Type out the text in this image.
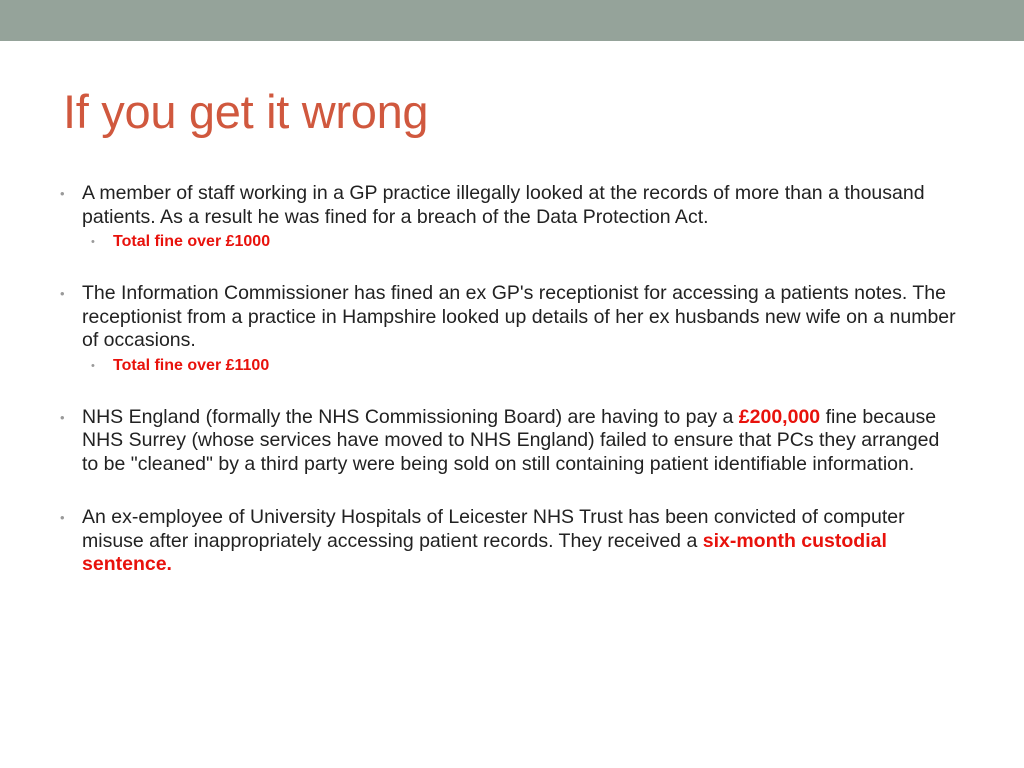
If you get it wrong
• A member of staff working in a GP practice illegally looked at the records of more than a thousand patients. As a result he was fined for a breach of the Data Protection Act.
• Total fine over £1000
• The Information Commissioner has fined an ex GP's receptionist for accessing a patients notes. The receptionist from a practice in Hampshire looked up details of her ex husbands new wife on a number of occasions.
• Total fine over £1100
• NHS England (formally the NHS Commissioning Board) are having to pay a £200,000 fine because NHS Surrey (whose services have moved to NHS England) failed to ensure that PCs they arranged to be "cleaned" by a third party were being sold on still containing patient identifiable information.
• An ex-employee of University Hospitals of Leicester NHS Trust has been convicted of computer misuse after inappropriately accessing patient records. They received a six-month custodial sentence.
